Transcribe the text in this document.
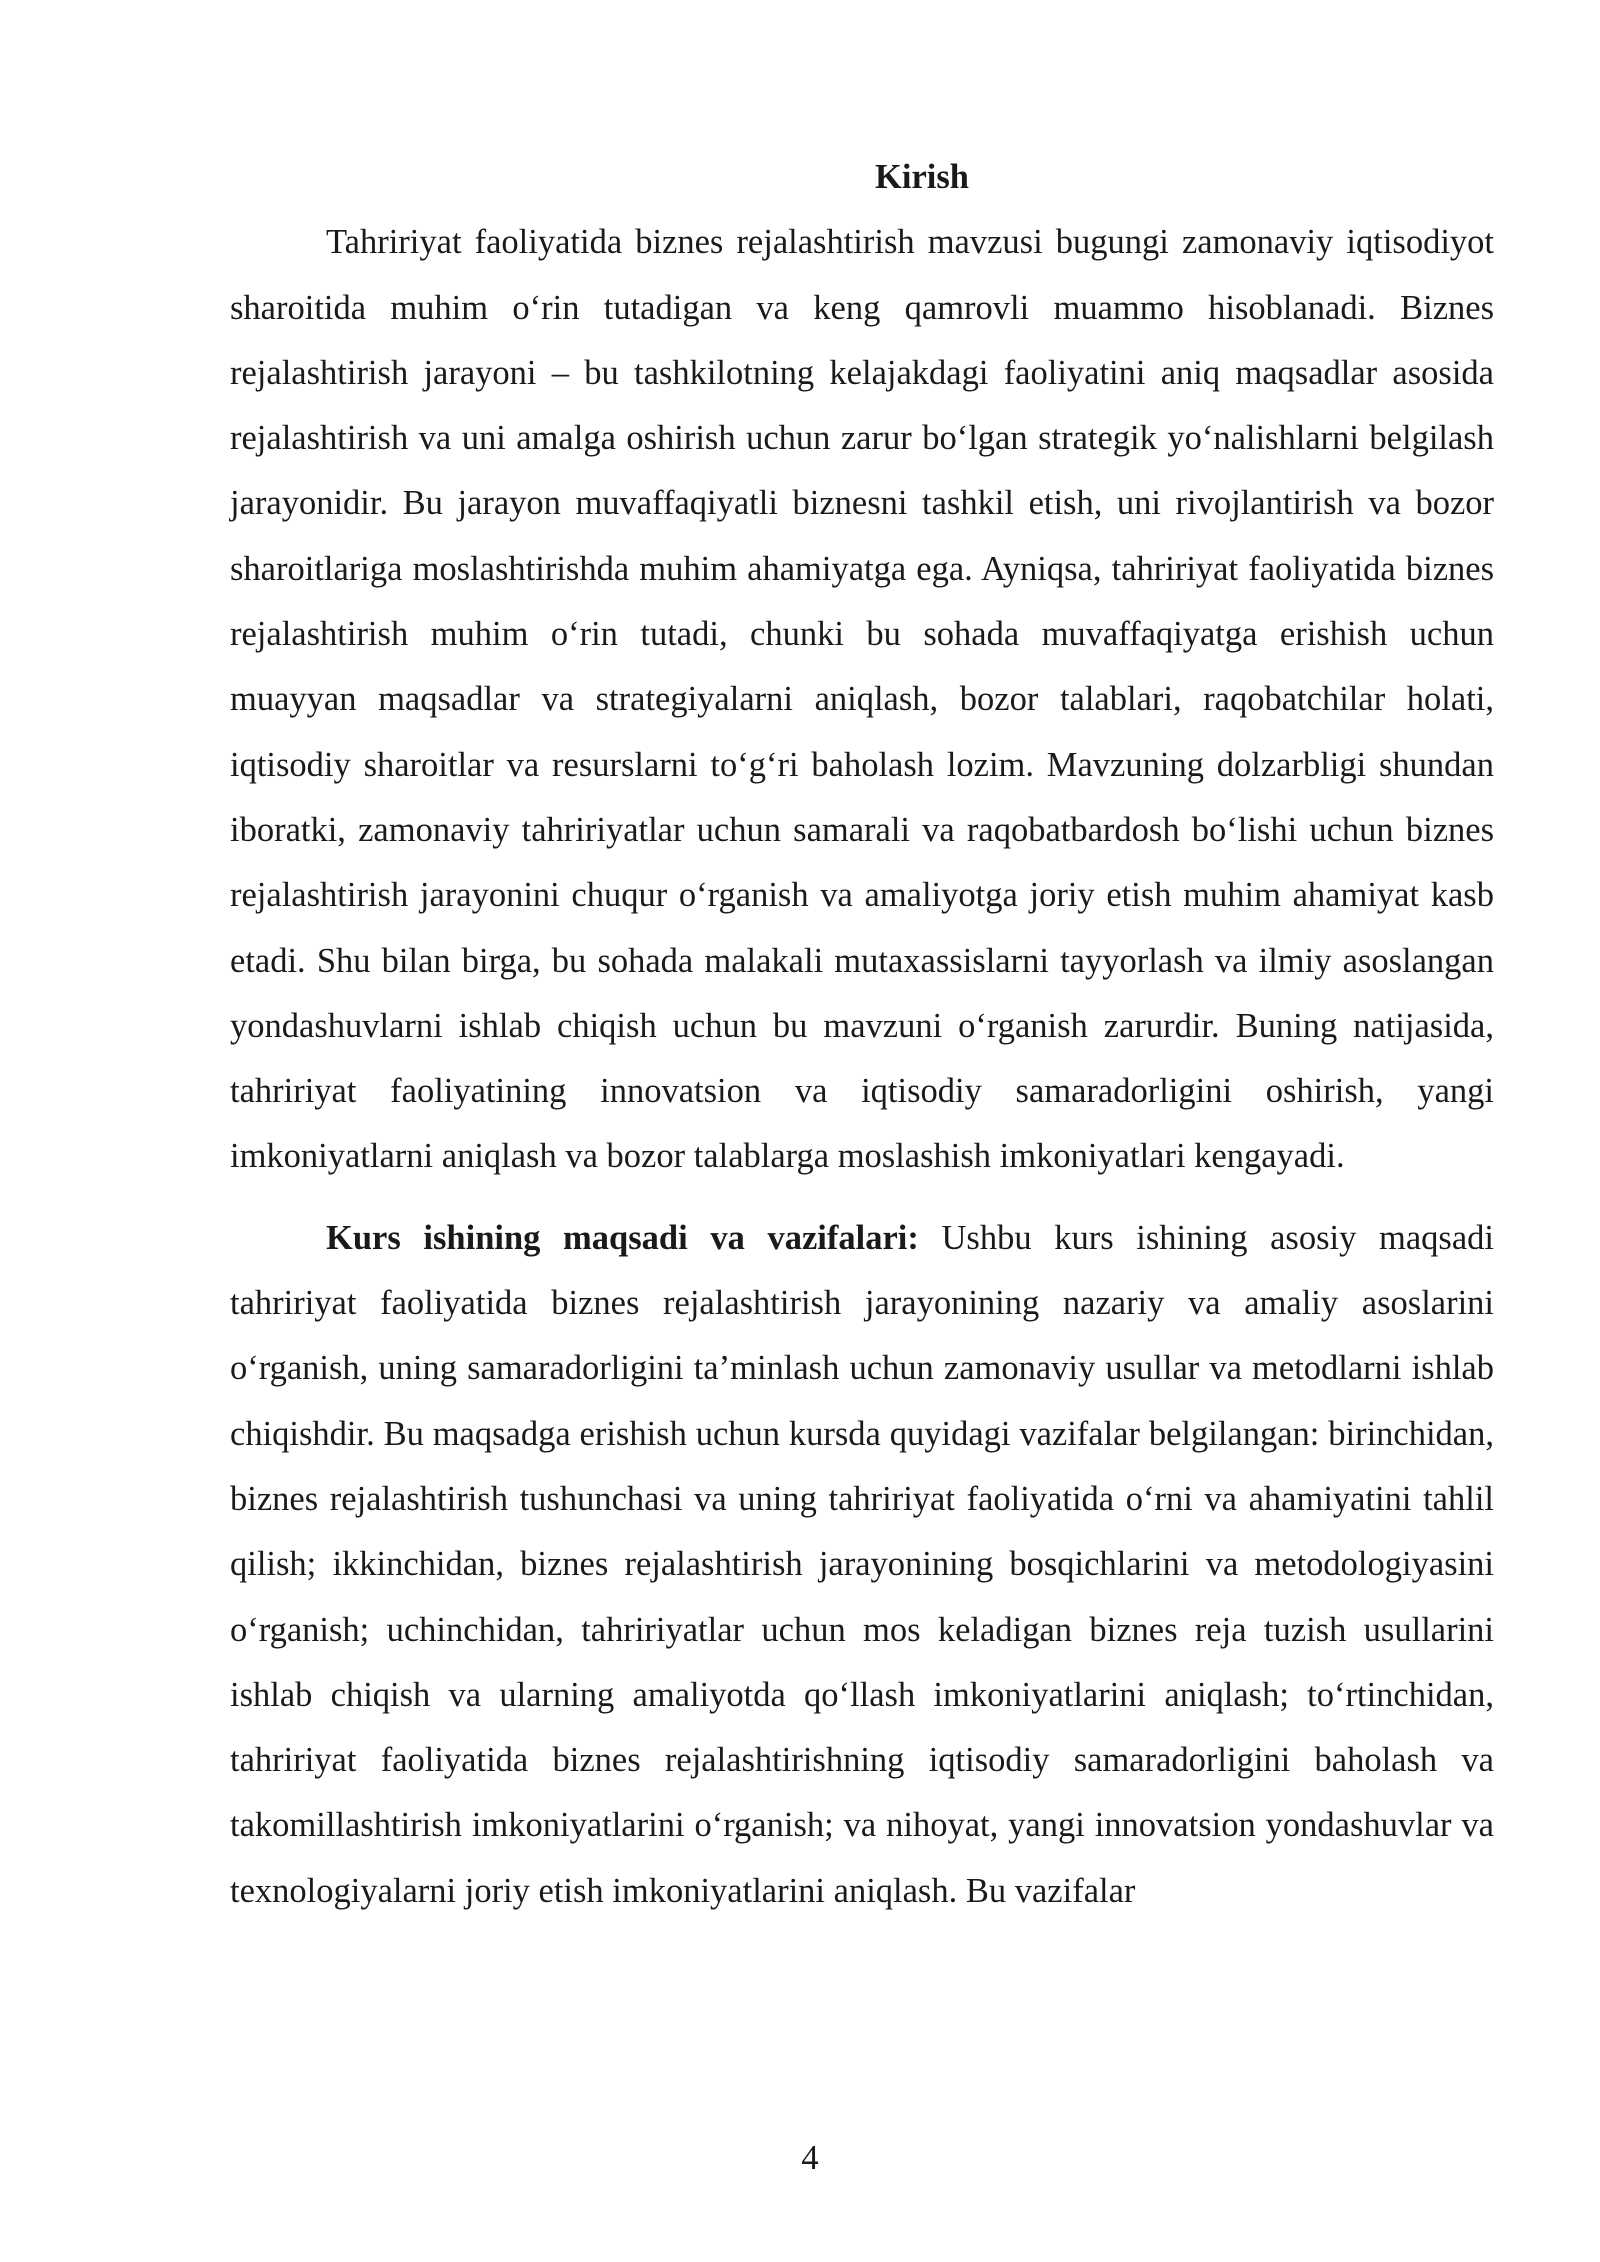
Kirish

Tahririyat faoliyatida biznes rejalashtirish mavzusi bugungi zamonaviy iqtisodiyot sharoitida muhim o‘rin tutadigan va keng qamrovli muammo hisoblanadi. Biznes rejalashtirish jarayoni – bu tashkilotning kelajakdagi faoliyatini aniq maqsadlar asosida rejalashtirish va uni amalga oshirish uchun zarur bo‘lgan strategik yo‘nalishlarni belgilash jarayonidir. Bu jarayon muvaffaqiyatli biznesni tashkil etish, uni rivojlantirish va bozor sharoitlariga moslashtirishda muhim ahamiyatga ega. Ayniqsa, tahririyat faoliyatida biznes rejalashtirish muhim o‘rin tutadi, chunki bu sohada muvaffaqiyatga erishish uchun muayyan maqsadlar va strategiyalarni aniqlash, bozor talablari, raqobatchilar holati, iqtisodiy sharoitlar va resurslarni to‘g‘ri baholash lozim. Mavzuning dolzarbligi shundan iboratki, zamonaviy tahririyatlar uchun samarali va raqobatbardosh bo‘lishi uchun biznes rejalashtirish jarayonini chuqur o‘rganish va amaliyotga joriy etish muhim ahamiyat kasb etadi. Shu bilan birga, bu sohada malakali mutaxassislarni tayyorlash va ilmiy asoslangan yondashuvlarni ishlab chiqish uchun bu mavzuni o‘rganish zarurdir. Buning natijasida, tahririyat faoliyatining innovatsion va iqtisodiy samaradorligini oshirish, yangi imkoniyatlarni aniqlash va bozor talablarga moslashish imkoniyatlari kengayadi.

Kurs ishining maqsadi va vazifalari: Ushbu kurs ishining asosiy maqsadi tahririyat faoliyatida biznes rejalashtirish jarayonining nazariy va amaliy asoslarini o‘rganish, uning samaradorligini ta’minlash uchun zamonaviy usullar va metodlarni ishlab chiqishdir. Bu maqsadga erishish uchun kursda quyidagi vazifalar belgilangan: birinchidan, biznes rejalashtirish tushunchasi va uning tahririyat faoliyatida o‘rni va ahamiyatini tahlil qilish; ikkinchidan, biznes rejalashtirish jarayonining bosqichlarini va metodologiyasini o‘rganish; uchinchidan, tahririyatlar uchun mos keladigan biznes reja tuzish usullarini ishlab chiqish va ularning amaliyotda qo‘llash imkoniyatlarini aniqlash; to‘rtinchidan, tahririyat faoliyatida biznes rejalashtirishning iqtisodiy samaradorligini baholash va takomillashtirish imkoniyatlarini o‘rganish; va nihoyat, yangi innovatsion yondashuvlar va texnologiyalarni joriy etish imkoniyatlarini aniqlash. Bu vazifalar

4
